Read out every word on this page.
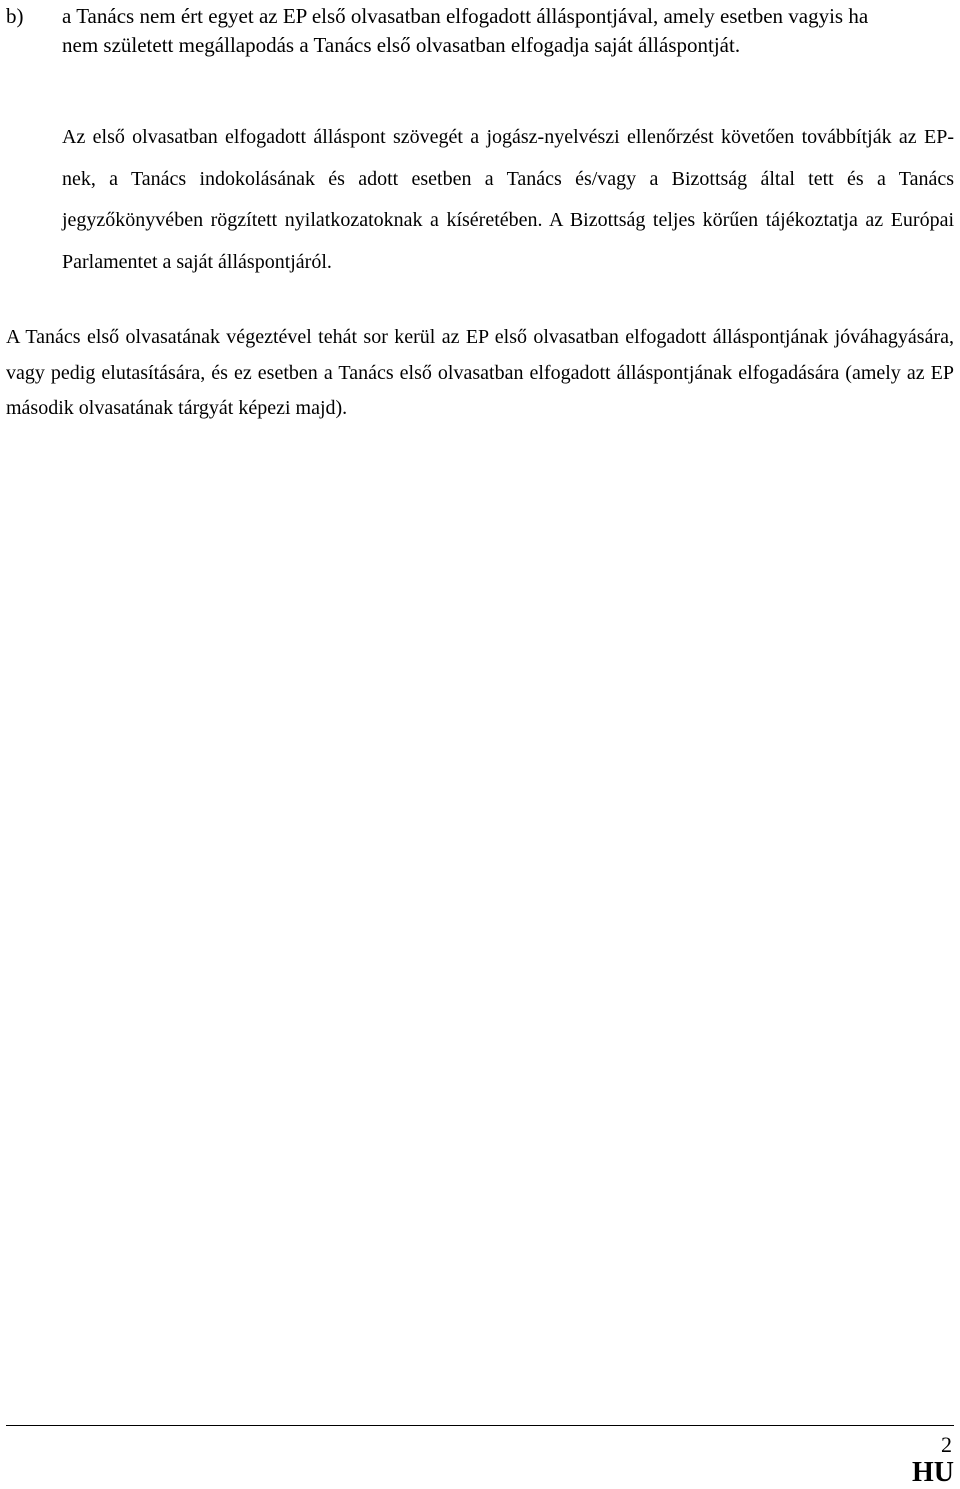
b) a Tanács nem ért egyet az EP első olvasatban elfogadott álláspontjával, amely esetben vagyis ha nem született megállapodás a Tanács első olvasatban elfogadja saját álláspontját.

Az első olvasatban elfogadott álláspont szövegét a jogász-nyelvészi ellenőrzést követően továbbítják az EP-nek, a Tanács indokolásának és adott esetben a Tanács és/vagy a Bizottság által tett és a Tanács jegyzőkönyvében rögzített nyilatkozatoknak a kíséretében. A Bizottság teljes körűen tájékoztatja az Európai Parlamentet a saját álláspontjáról.

A Tanács első olvasatának végeztével tehát sor kerül az EP első olvasatban elfogadott álláspontjának jóváhagyására, vagy pedig elutasítására, és ez esetben a Tanács első olvasatban elfogadott álláspontjának elfogadására (amely az EP második olvasatának tárgyát képezi majd).

2
HU
